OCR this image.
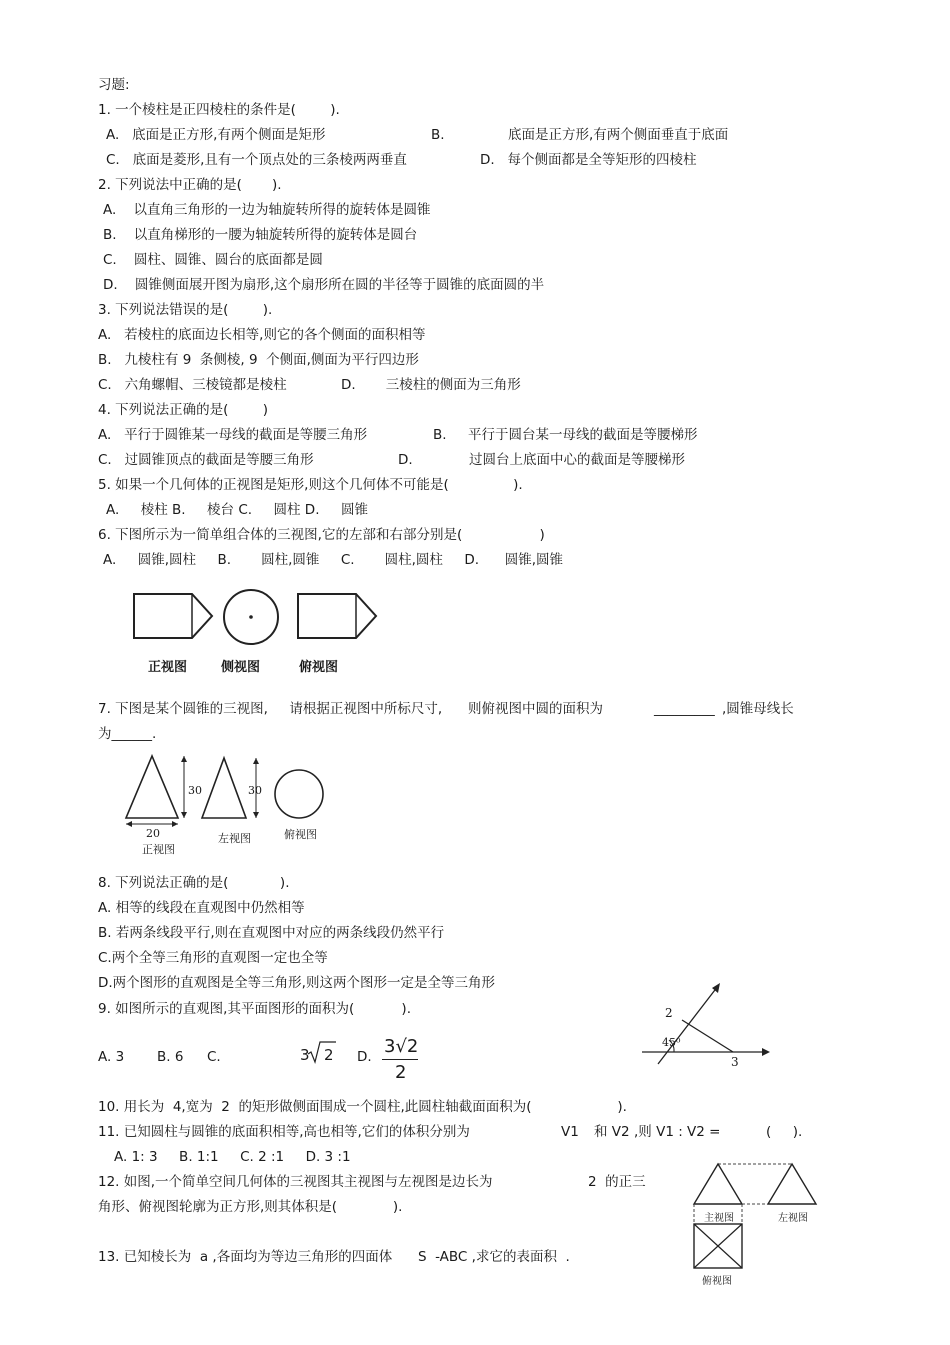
习题:
1. 一个棱柱是正四棱柱的条件是(        ).
A.   底面是正方形,有两个侧面是矩形	B.	底面是正方形,有两个侧面垂直于底面
C.   底面是菱形,且有一个顶点处的三条棱两两垂直	D.   每个侧面都是全等矩形的四棱柱
2. 下列说法中正确的是(       ).
A.    以直角三角形的一边为轴旋转所得的旋转体是圆锥
B.    以直角梯形的一腰为轴旋转所得的旋转体是圆台
C.    圆柱、圆锥、圆台的底面都是圆
D.    圆锥侧面展开图为扇形,这个扇形所在圆的半径等于圆锥的底面圆的半
3. 下列说法错误的是(        ).
A.   若棱柱的底面边长相等,则它的各个侧面的面积相等
B.   九棱柱有 9  条侧棱, 9  个侧面,侧面为平行四边形
C.   六角螺帽、三棱镜都是棱柱	D.       三棱柱的侧面为三角形
4. 下列说法正确的是(        )
A.   平行于圆锥某一母线的截面是等腰三角形	B.     平行于圆台某一母线的截面是等腰梯形
C.   过圆锥顶点的截面是等腰三角形	D.	过圆台上底面中心的截面是等腰梯形
5. 如果一个几何体的正视图是矩形,则这个几何体不可能是(               ).
A.     棱柱 B.     棱台 C.     圆柱 D.     圆锥
6. 下图所示为一简单组合体的三视图,它的左部和右部分别是(                  )
A.     圆锥,圆柱     B.       圆柱,圆锥     C.       圆柱,圆柱     D.      圆锥,圆锥
正视图	侧视图	俯视图
7. 下图是某个圆锥的三视图,     请根据正视图中所标尺寸,      则俯视图中圆的面积为	_________ ,圆锥母线长
为______.
30	30
20
正视图
左视图	俯视图
8. 下列说法正确的是(            ).
A. 相等的线段在直观图中仍然相等
B. 若两条线段平行,则在直观图中对应的两条线段仍然平行
C.两个全等三角形的直观图一定也全等
D.两个图形的直观图是全等三角形,则这两个图形一定是全等三角形
9. 如图所示的直观图,其平面图形的面积为(           ).
A. 3 B. 6 C.	3 2 D. 3√2
2
2
45⁰
3
10. 用长为  4,宽为  2  的矩形做侧面围成一个圆柱,此圆柱轴截面面积为(                    ).
11. 已知圆柱与圆锥的底面积相等,高也相等,它们的体积分别为	V1 和 V2 ,则 V1 : V2 =	(     ).
A. 1: 3     B. 1:1     C. 2 :1     D. 3 :1
12. 如图,一个简单空间几何体的三视图其主视图与左视图是边长为	2  的正三
角形、俯视图轮廓为正方形,则其体积是(             ).
主视图	左视图
俯视图
13. 已知棱长为  a ,各面均为等边三角形的四面体      S  -ABC ,求它的表面积  .
